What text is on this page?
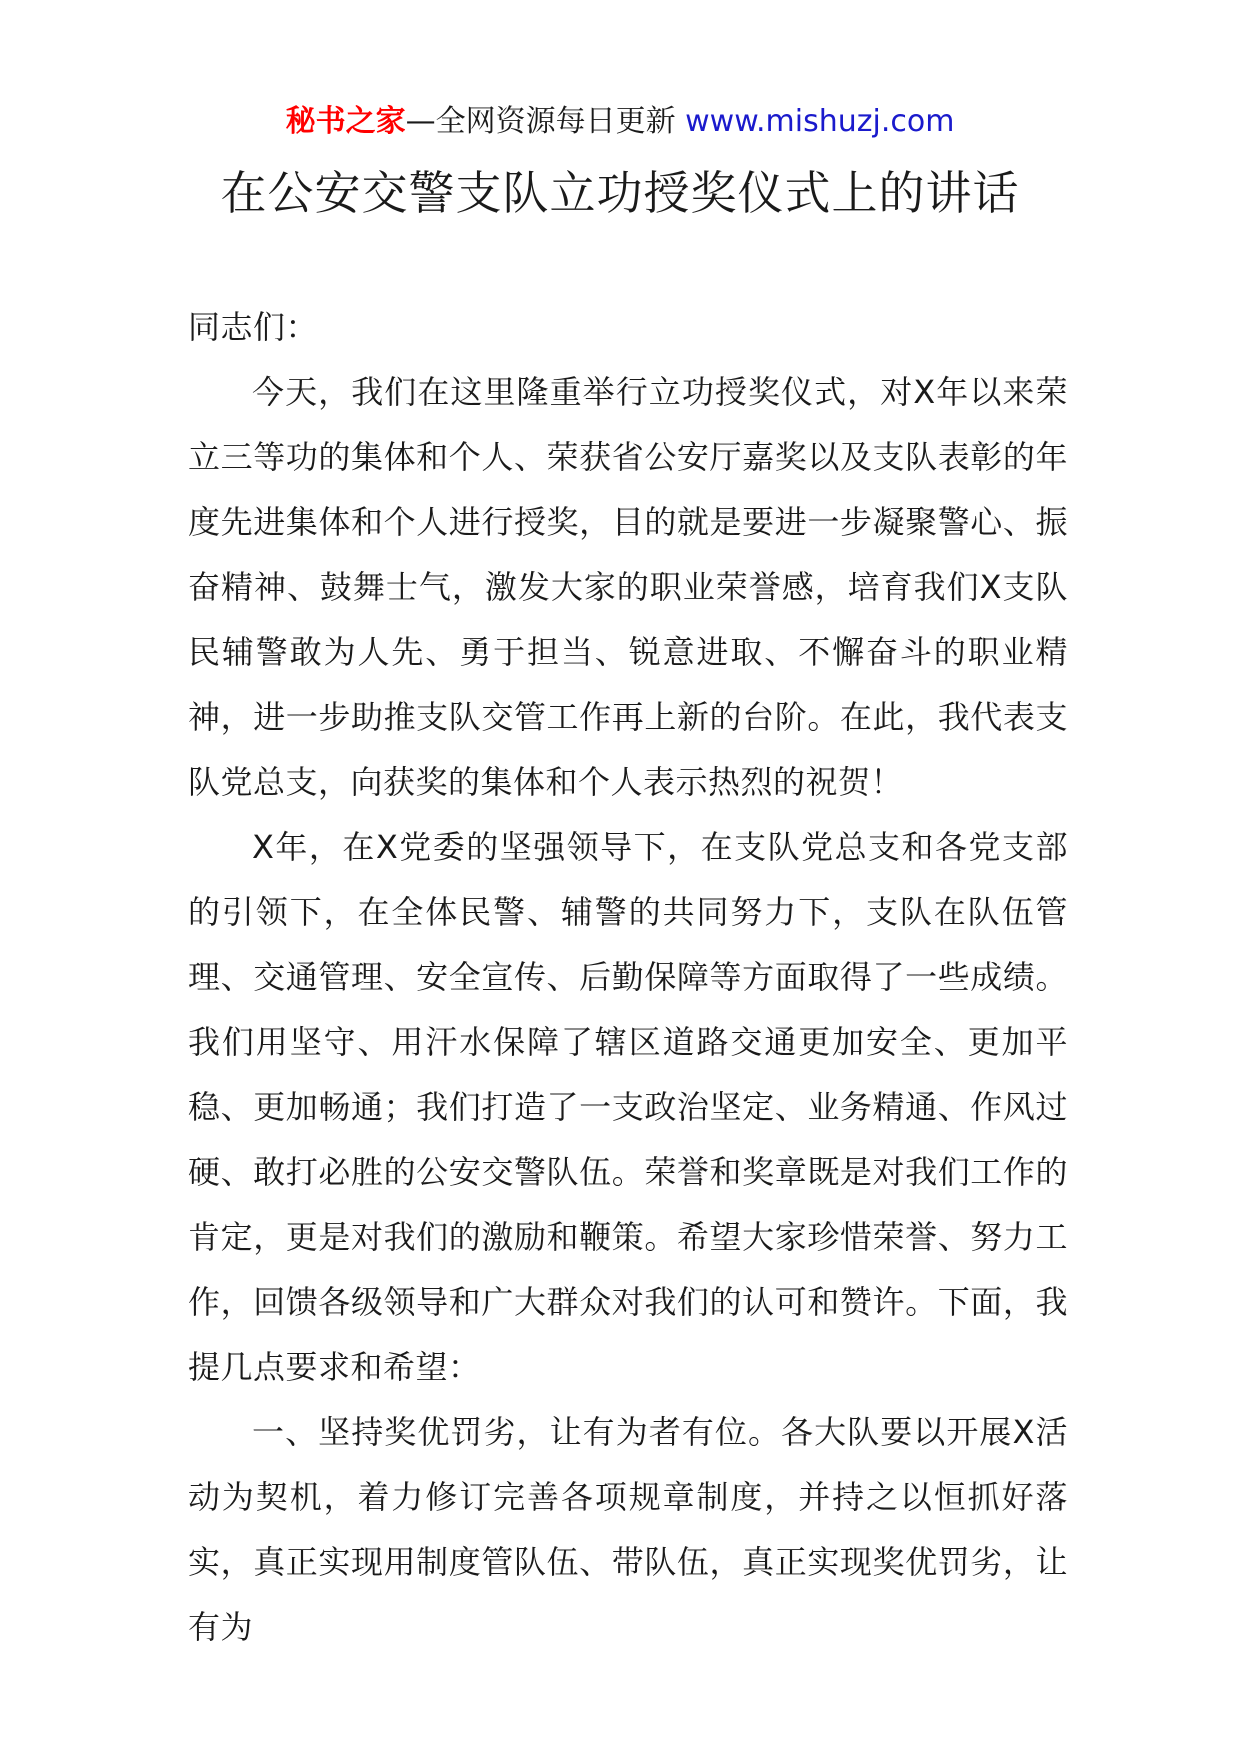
秘书之家—全网资源每日更新 www.mishuzj.com
在公安交警支队立功授奖仪式上的讲话

同志们：

今天，我们在这里隆重举行立功授奖仪式，对X年以来荣立三等功的集体和个人、荣获省公安厅嘉奖以及支队表彰的年度先进集体和个人进行授奖，目的就是要进一步凝聚警心、振奋精神、鼓舞士气，激发大家的职业荣誉感，培育我们X支队民辅警敢为人先、勇于担当、锐意进取、不懈奋斗的职业精神，进一步助推支队交管工作再上新的台阶。在此，我代表支队党总支，向获奖的集体和个人表示热烈的祝贺！

X年，在X党委的坚强领导下，在支队党总支和各党支部的引领下，在全体民警、辅警的共同努力下，支队在队伍管理、交通管理、安全宣传、后勤保障等方面取得了一些成绩。我们用坚守、用汗水保障了辖区道路交通更加安全、更加平稳、更加畅通；我们打造了一支政治坚定、业务精通、作风过硬、敢打必胜的公安交警队伍。荣誉和奖章既是对我们工作的肯定，更是对我们的激励和鞭策。希望大家珍惜荣誉、努力工作，回馈各级领导和广大群众对我们的认可和赞许。下面，我提几点要求和希望：

一、坚持奖优罚劣，让有为者有位。各大队要以开展X活动为契机，着力修订完善各项规章制度，并持之以恒抓好落实，真正实现用制度管队伍、带队伍，真正实现奖优罚劣，让有为
